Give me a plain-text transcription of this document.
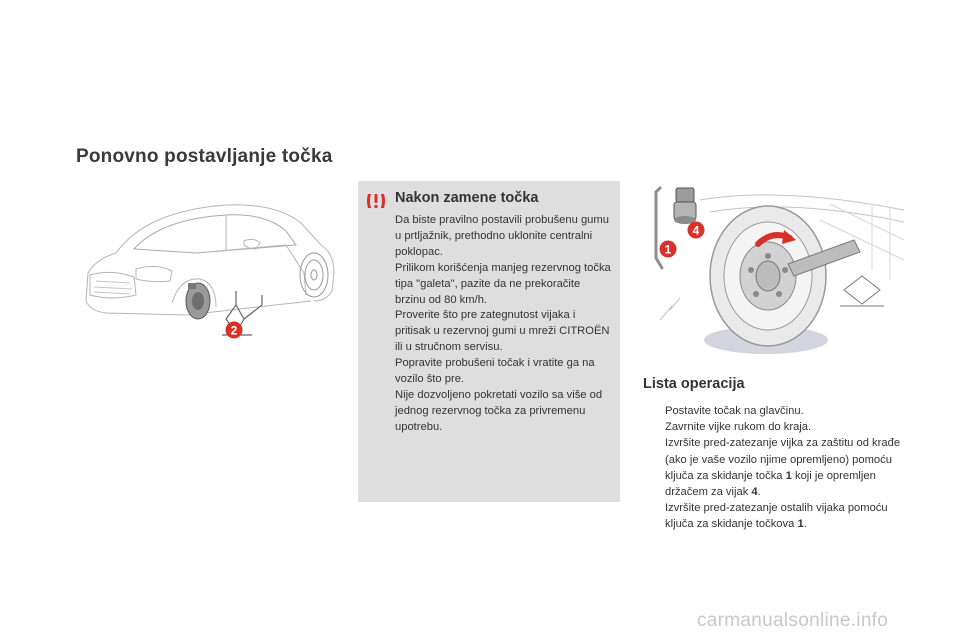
Ponovno postavljanje točka
2
Nakon zamene točka

Da biste pravilno postavili probušenu gumu u prtljažnik, prethodno uklonite centralni poklopac.

Prilikom korišćenja manjeg rezervnog točka tipa "galeta", pazite da ne prekoračite brzinu od 80 km/h.

Proverite što pre zategnutost vijaka i pritisak u rezervnoj gumi u mreži CITROËN ili u stručnom servisu.

Popravite probušeni točak i vratite ga na vozilo što pre.

Nije dozvoljeno pokretati vozilo sa više od jednog rezervnog točka za privremenu upotrebu.

4
1
Lista operacija
Postavite točak na glavčinu.
Zavrnite vijke rukom do kraja.
Izvršite pred-zatezanje vijka za zaštitu od krađe (ako je vaše vozilo njime opremljeno) pomoću ključa za skidanje točka 1 koji je opremljen držačem za vijak 4.
Izvršite pred-zatezanje ostalih vijaka pomoću ključa za skidanje točkova 1.
carmanualsonline.info
